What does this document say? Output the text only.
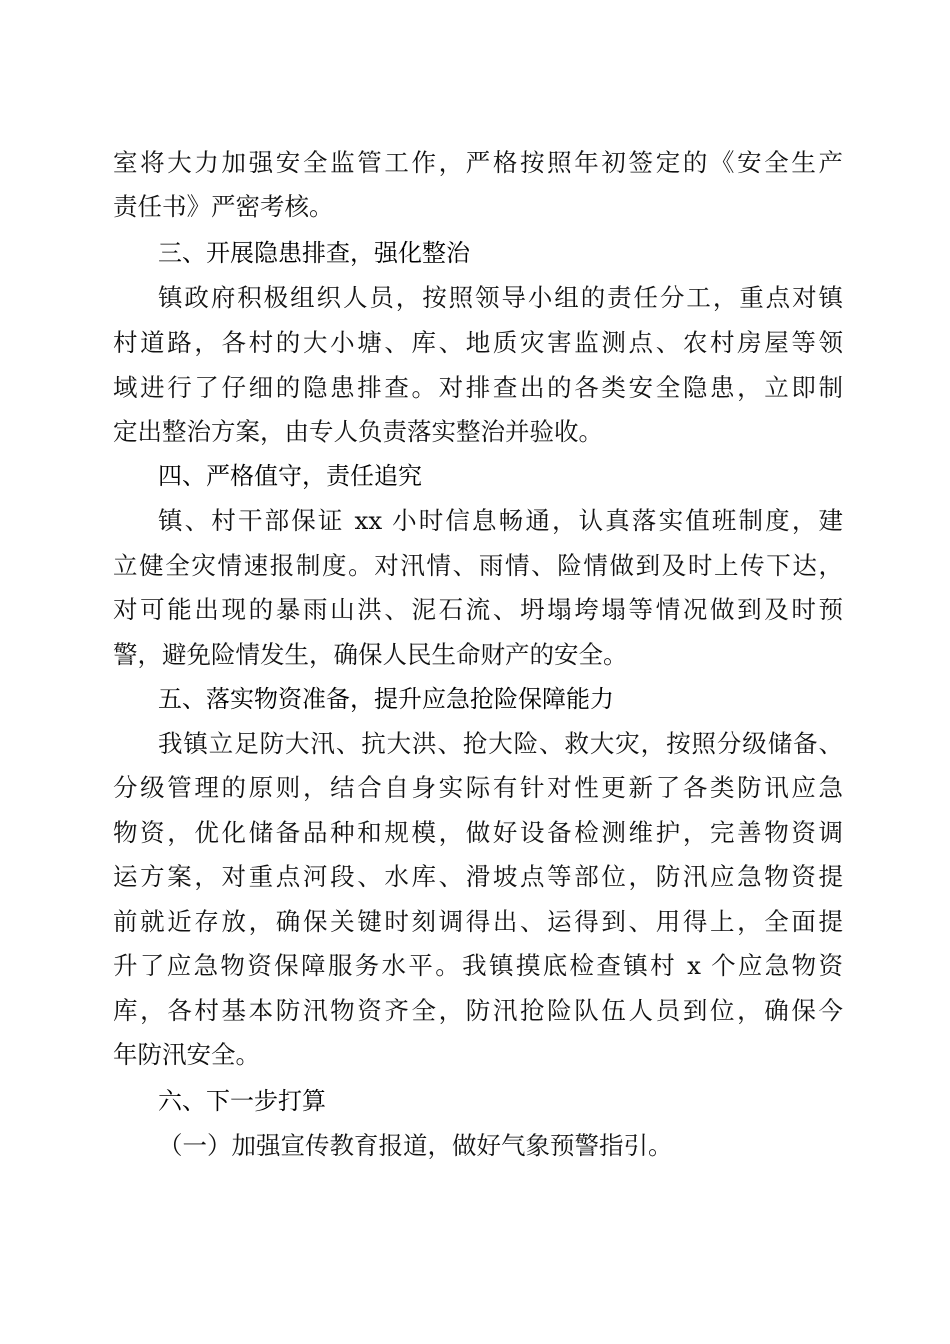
室将大力加强安全监管工作，严格按照年初签定的《安全生产
责任书》严密考核。
三、开展隐患排查，强化整治
镇政府积极组织人员，按照领导小组的责任分工，重点对镇
村道路，各村的大小塘、库、地质灾害监测点、农村房屋等领
域进行了仔细的隐患排查。对排查出的各类安全隐患，立即制
定出整治方案，由专人负责落实整治并验收。
四、严格值守，责任追究
镇、村干部保证 xx 小时信息畅通，认真落实值班制度，建
立健全灾情速报制度。对汛情、雨情、险情做到及时上传下达，
对可能出现的暴雨山洪、泥石流、坍塌垮塌等情况做到及时预
警，避免险情发生，确保人民生命财产的安全。
五、落实物资准备，提升应急抢险保障能力
我镇立足防大汛、抗大洪、抢大险、救大灾，按照分级储备、
分级管理的原则，结合自身实际有针对性更新了各类防讯应急
物资，优化储备品种和规模，做好设备检测维护，完善物资调
运方案，对重点河段、水库、滑坡点等部位，防汛应急物资提
前就近存放，确保关键时刻调得出、运得到、用得上，全面提
升了应急物资保障服务水平。我镇摸底检查镇村 x 个应急物资
库，各村基本防汛物资齐全，防汛抢险队伍人员到位，确保今
年防汛安全。
六、下一步打算
（一）加强宣传教育报道，做好气象预警指引。
